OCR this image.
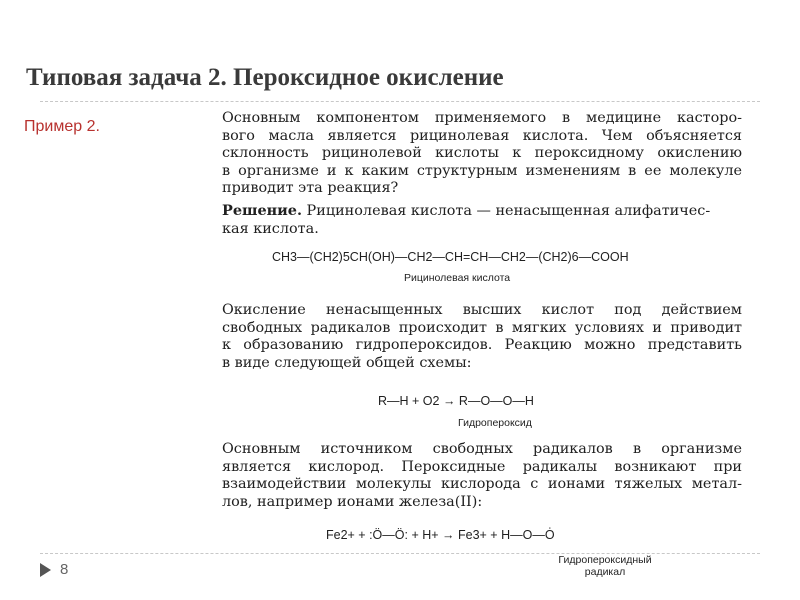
Типовая задача 2. Пероксидное окисление
Пример 2.	Основным компонентом применяемого в медицине касторо-
вого масла является рицинолевая кислота. Чем объясняется
склонность рицинолевой кислоты к пероксидному окислению
в организме и к каким структурным изменениям в ее молекуле
приводит эта реакция?

Решение. Рицинолевая кислота — ненасыщенная алифатичес-
кая кислота.

CH3—(CH2)5CH(OH)—CH2—CH=CH—CH2—(CH2)6—COOH
Рицинолевая кислота

Окисление ненасыщенных высших кислот под действием
свободных радикалов происходит в мягких условиях и приводит
к образованию гидропероксидов. Реакцию можно представить
в виде следующей общей схемы:

R—H + O2 → R—O—O—H
Гидропероксид

Основным источником свободных радикалов в организме
является кислород. Пероксидные радикалы возникают при
взаимодействии молекулы кислорода с ионами тяжелых метал-
лов, например ионами железа(II):

Fe2+ + :Ö—Ö: + H+ → Fe3+ + H—O—Ȯ
Гидропероксидный
радикал
8
